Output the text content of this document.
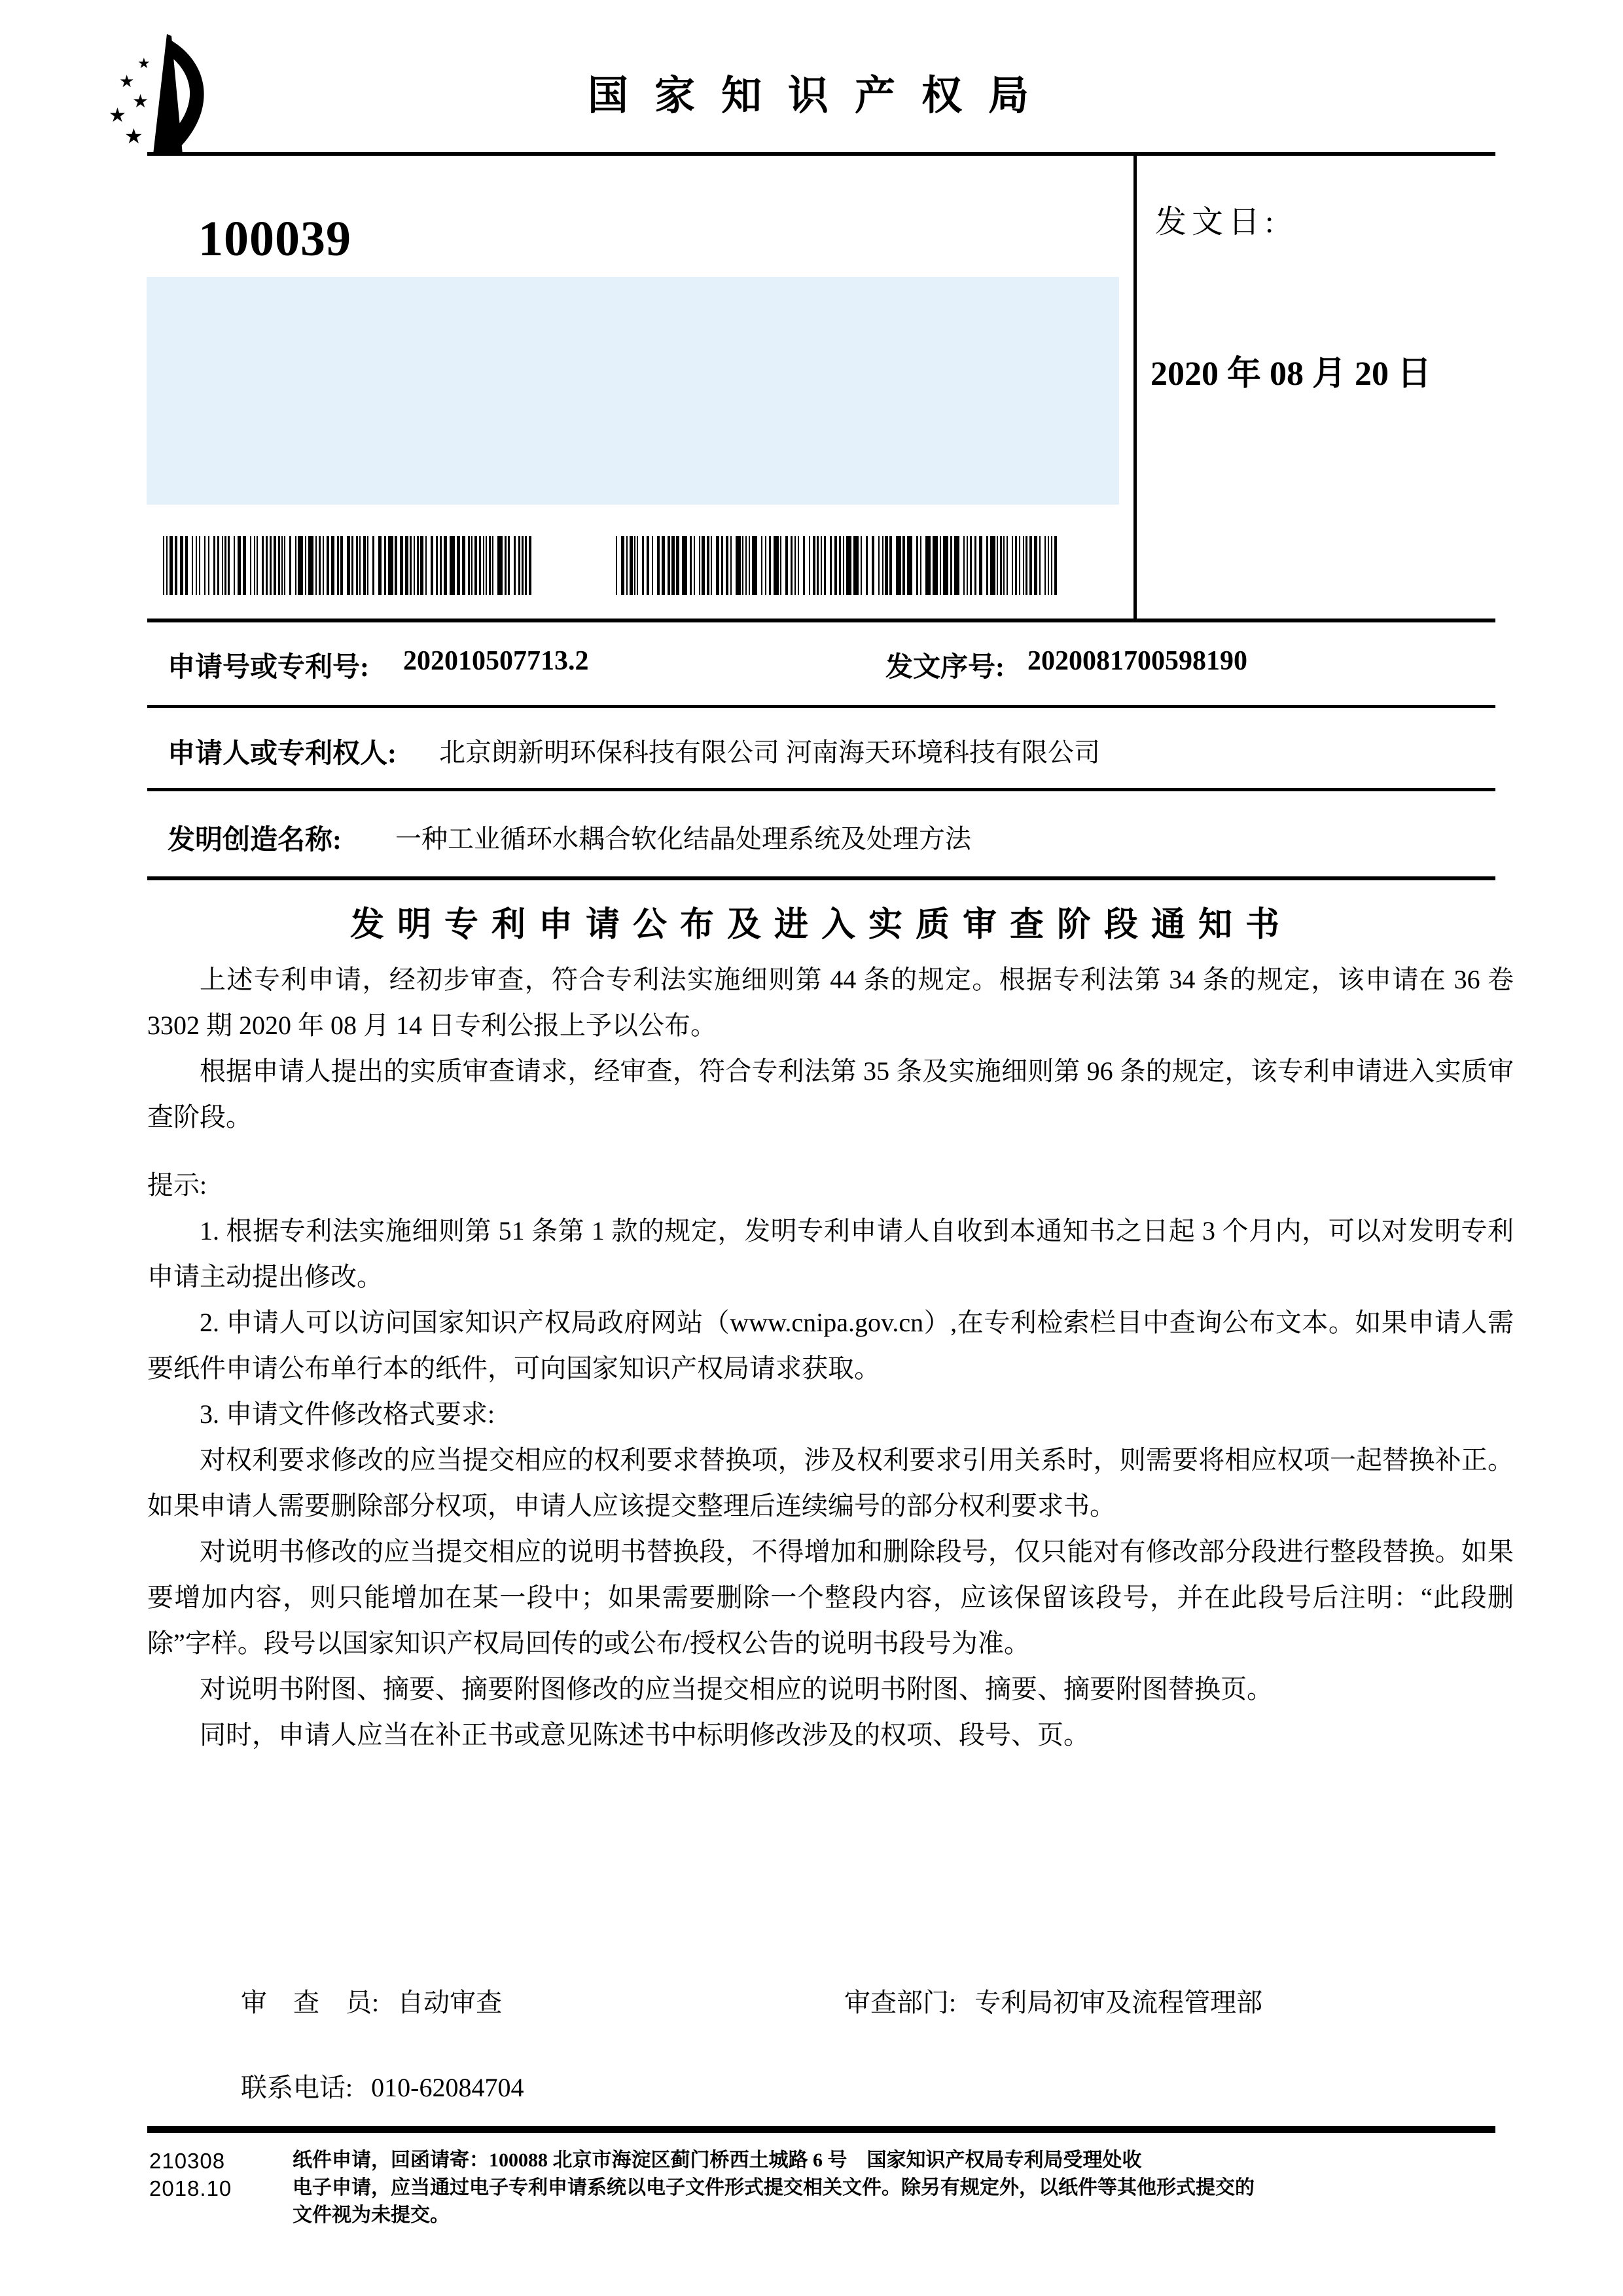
★
★
★
★
★
国家知识产权局
100039	发文日:
2020 年 08 月 20 日
申请号或专利号: 202010507713.2	发文序号: 2020081700598190
申请人或专利权人: 北京朗新明环保科技有限公司 河南海天环境科技有限公司
发明创造名称: 一种工业循环水耦合软化结晶处理系统及处理方法
发明专利申请公布及进入实质审查阶段通知书

上述专利申请，经初步审查，符合专利法实施细则第 44 条的规定。根据专利法第 34 条的规定，该申请在 36 卷 3302 期 2020 年 08 月 14 日专利公报上予以公布。

根据申请人提出的实质审查请求，经审查，符合专利法第 35 条及实施细则第 96 条的规定，该专利申请进入实质审查阶段。

提示:

1. 根据专利法实施细则第 51 条第 1 款的规定，发明专利申请人自收到本通知书之日起 3 个月内，可以对发明专利申请主动提出修改。

2. 申请人可以访问国家知识产权局政府网站（www.cnipa.gov.cn）,在专利检索栏目中查询公布文本。如果申请人需要纸件申请公布单行本的纸件，可向国家知识产权局请求获取。

3. 申请文件修改格式要求:

对权利要求修改的应当提交相应的权利要求替换项，涉及权利要求引用关系时，则需要将相应权项一起替换补正。如果申请人需要删除部分权项，申请人应该提交整理后连续编号的部分权利要求书。

对说明书修改的应当提交相应的说明书替换段，不得增加和删除段号，仅只能对有修改部分段进行整段替换。如果要增加内容，则只能增加在某一段中；如果需要删除一个整段内容，应该保留该段号，并在此段号后注明：“此段删除”字样。段号以国家知识产权局回传的或公布/授权公告的说明书段号为准。

对说明书附图、摘要、摘要附图修改的应当提交相应的说明书附图、摘要、摘要附图替换页。

同时，申请人应当在补正书或意见陈述书中标明修改涉及的权项、段号、页。

审　查　员: 自动审查	审查部门: 专利局初审及流程管理部
联系电话: 010-62084704
210308
2018.10

纸件申请，回函请寄：100088 北京市海淀区蓟门桥西土城路 6 号　国家知识产权局专利局受理处收

电子申请，应当通过电子专利申请系统以电子文件形式提交相关文件。除另有规定外，以纸件等其他形式提交的

文件视为未提交。
